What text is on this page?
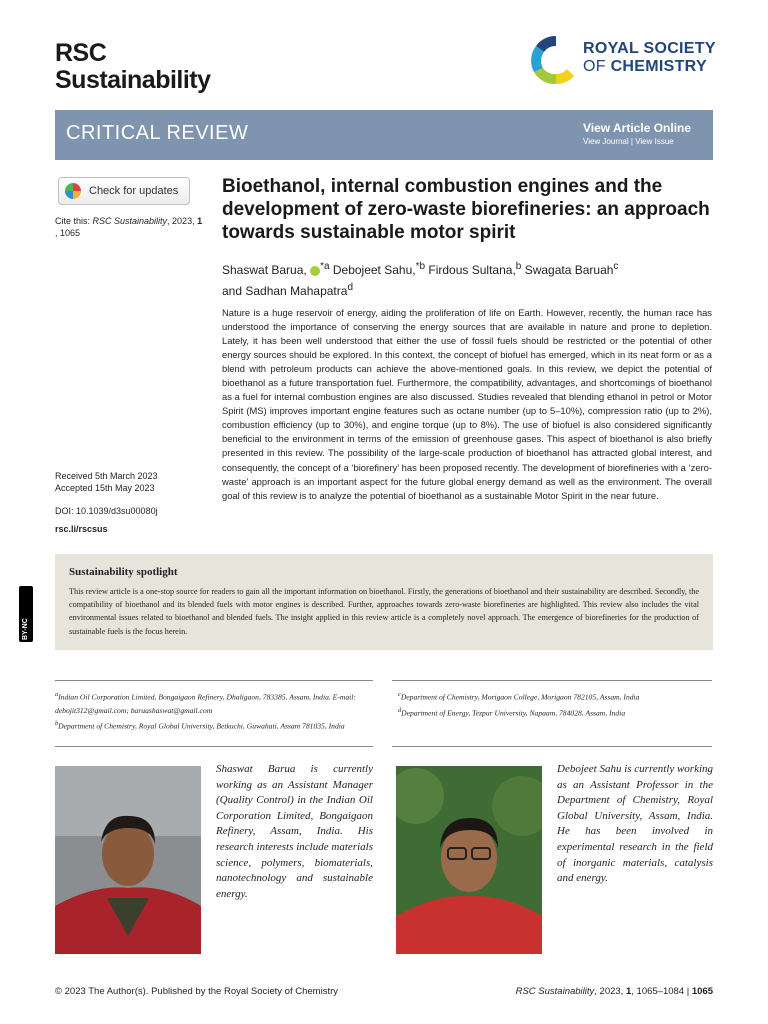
RSC
Sustainability
ROYAL SOCIETY
OF CHEMISTRY
CRITICAL REVIEW	View Article Online
View Journal | View Issue
Check for updates
Cite this: RSC Sustainability, 2023, 1
, 1065
Received 5th March 2023
Accepted 15th May 2023
DOI: 10.1039/d3su00080j
rsc.li/rscsus
Bioethanol, internal combustion engines and the development of zero-waste biorefineries: an approach towards sustainable motor spirit
Shaswat Barua, $^{*a}$ Debojeet Sahu,$^{*b}$ Firdous Sultana,$^b$ Swagata Baruah$^c$
and Sadhan Mahapatra$^d$
Nature is a huge reservoir of energy, aiding the proliferation of life on Earth. However, recently, the human race has understood the importance of conserving the energy sources that are available in nature and prone to depletion. Lately, it has been well understood that either the use of fossil fuels should be restricted or the potential of other energy sources should be explored. In this context, the concept of biofuel has emerged, which in its neat form or as a blend with petroleum products can achieve the above-mentioned goals. In this review, we depict the potential of bioethanol as a future transportation fuel. Furthermore, the compatibility, advantages, and shortcomings of bioethanol as a fuel for internal combustion engines are also discussed. Studies revealed that blending ethanol in petrol or Motor Spirit (MS) improves important engine features such as octane number (up to 5–10%), compression ratio (up to 2%), combustion efficiency (up to 30%), and engine torque (up to 8%). The use of biofuel is also considered significantly beneficial to the environment in terms of the emission of greenhouse gases. This aspect of bioethanol is also briefly presented in this review. The possibility of the large-scale production of bioethanol has attracted global interest, and consequently, the concept of a ‘biorefinery’ has been proposed recently. The development of biorefineries with a ‘zero-waste’ approach is an important aspect for the future global energy demand as well as the environment. The overall goal of this review is to analyze the potential of bioethanol as a sustainable Motor Spirit in the near future.
BY-NC
Sustainability spotlight
This review article is a one-stop source for readers to gain all the important information on bioethanol. Firstly, the generations of bioethanol and their sustainability are described. Secondly, the compatibility of bioethanol and its blended fuels with motor engines is described. Further, approaches towards zero-waste biorefineries are highlighted. This review also includes the vital environmental issues related to bioethanol and blended fuels. The insight applied in this review article is a completely novel approach. The emergence of biorefineries for the production of sustainable fuels is the focus herein.
$^a$Indian Oil Corporation Limited, Bongaigaon Refinery, Dhaligaon, 783385, Assam, India. E-mail: debojit312@gmail.com; baruashaswat@gmail.com
$^b$Department of Chemistry, Royal Global University, Betkuchi, Guwahati, Assam 781035, India
$^c$Department of Chemistry, Morigaon College, Morigaon 782105, Assam, India
$^d$Department of Energy, Tezpur University, Napaam, 784028, Assam, India
Shaswat Barua is currently working as an Assistant Manager (Quality Control) in the Indian Oil Corporation Limited, Bongaigaon Refinery, Assam, India. His research interests include materials science, polymers, biomaterials, nanotechnology and sustainable energy.
Debojeet Sahu is currently working as an Assistant Professor in the Department of Chemistry, Royal Global University, Assam, India. He has been involved in experimental research in the field of inorganic materials, catalysis and energy.
© 2023 The Author(s). Published by the Royal Society of Chemistry	RSC Sustainability, 2023, 1, 1065–1084 | 1065
